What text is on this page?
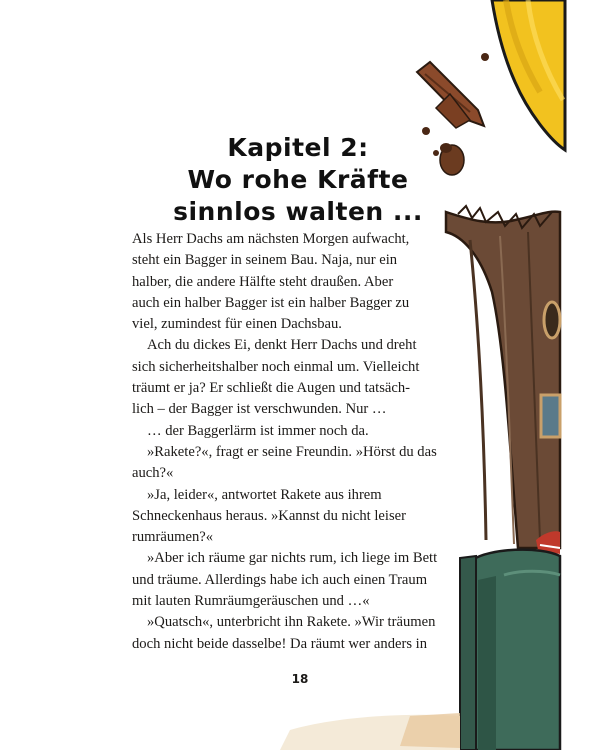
Kapitel 2:
Wo rohe Kräfte
sinnlos walten ...

Als Herr Dachs am nächsten Morgen aufwacht,

steht ein Bagger in seinem Bau. Naja, nur ein

halber, die andere Hälfte steht draußen. Aber

auch ein halber Bagger ist ein halber Bagger zu

viel, zumindest für einen Dachsbau.

Ach du dickes Ei, denkt Herr Dachs und dreht

sich sicherheitshalber noch einmal um. Vielleicht

träumt er ja? Er schließt die Augen und tatsäch-

lich – der Bagger ist verschwunden. Nur …

… der Baggerlärm ist immer noch da.

»Rakete?«, fragt er seine Freundin. »Hörst du das

auch?«

»Ja, leider«, antwortet Rakete aus ihrem

Schneckenhaus heraus. »Kannst du nicht leiser

rumräumen?«

»Aber ich räume gar nichts rum, ich liege im Bett

und träume. Allerdings habe ich auch einen Traum

mit lauten Rumräumgeräuschen und …«

»Quatsch«, unterbricht ihn Rakete. »Wir träumen

doch nicht beide dasselbe! Da räumt wer anders in

18
